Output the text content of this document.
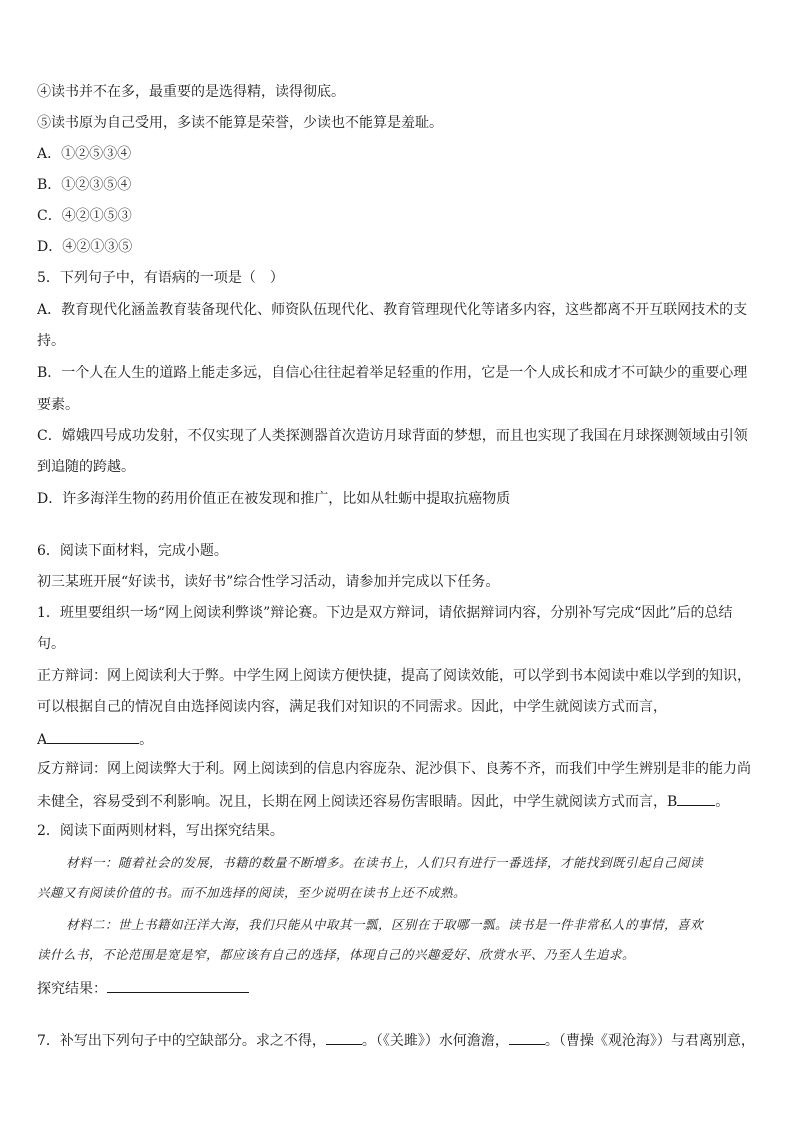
④读书并不在多，最重要的是选得精，读得彻底。
⑤读书原为自己受用，多读不能算是荣誉，少读也不能算是羞耻。
A．①②⑤③④
B．①②③⑤④
C．④②①⑤③
D．④②①③⑤
5．下列句子中，有语病的一项是（　）
A．教育现代化涵盖教育装备现代化、师资队伍现代化、教育管理现代化等诸多内容，这些都离不开互联网技术的支
持。
B．一个人在人生的道路上能走多远，自信心往往起着举足轻重的作用，它是一个人成长和成才不可缺少的重要心理
要素。
C．嫦娥四号成功发射，不仅实现了人类探测器首次造访月球背面的梦想，而且也实现了我国在月球探测领域由引领
到追随的跨越。
D．许多海洋生物的药用价值正在被发现和推广，比如从牡蛎中提取抗癌物质
6．阅读下面材料，完成小题。
初三某班开展“好读书，读好书”综合性学习活动，请参加并完成以下任务。
1．班里要组织一场“网上阅读利弊谈”辩论赛。下边是双方辩词，请依据辩词内容，分别补写完成“因此”后的总结
句。
正方辩词：网上阅读利大于弊。中学生网上阅读方便快捷，提高了阅读效能，可以学到书本阅读中难以学到的知识，
可以根据自己的情况自由选择阅读内容，满足我们对知识的不同需求。因此，中学生就阅读方式而言，
A	。
反方辩词：网上阅读弊大于利。网上阅读到的信息内容庞杂、泥沙俱下、良莠不齐，而我们中学生辨别是非的能力尚
未健全，容易受到不利影响。况且，长期在网上阅读还容易伤害眼睛。因此，中学生就阅读方式而言，B	。
2．阅读下面两则材料，写出探究结果。
材料一：随着社会的发展，书籍的数量不断增多。在读书上，人们只有进行一番选择，才能找到既引起自己阅读
兴趣又有阅读价值的书。而不加选择的阅读，至少说明在读书上还不成熟。
材料二：世上书籍如汪洋大海，我们只能从中取其一瓢，区别在于取哪一瓢。读书是一件非常私人的事情，喜欢
读什么书，不论范围是宽是窄，都应该有自己的选择，体现自己的兴趣爱好、欣赏水平、乃至人生追求。
探究结果：
7．补写出下列句子中的空缺部分。求之不得，	。（《关雎》）水何澹澹，	。（曹操《观沧海》）与君离别意，
